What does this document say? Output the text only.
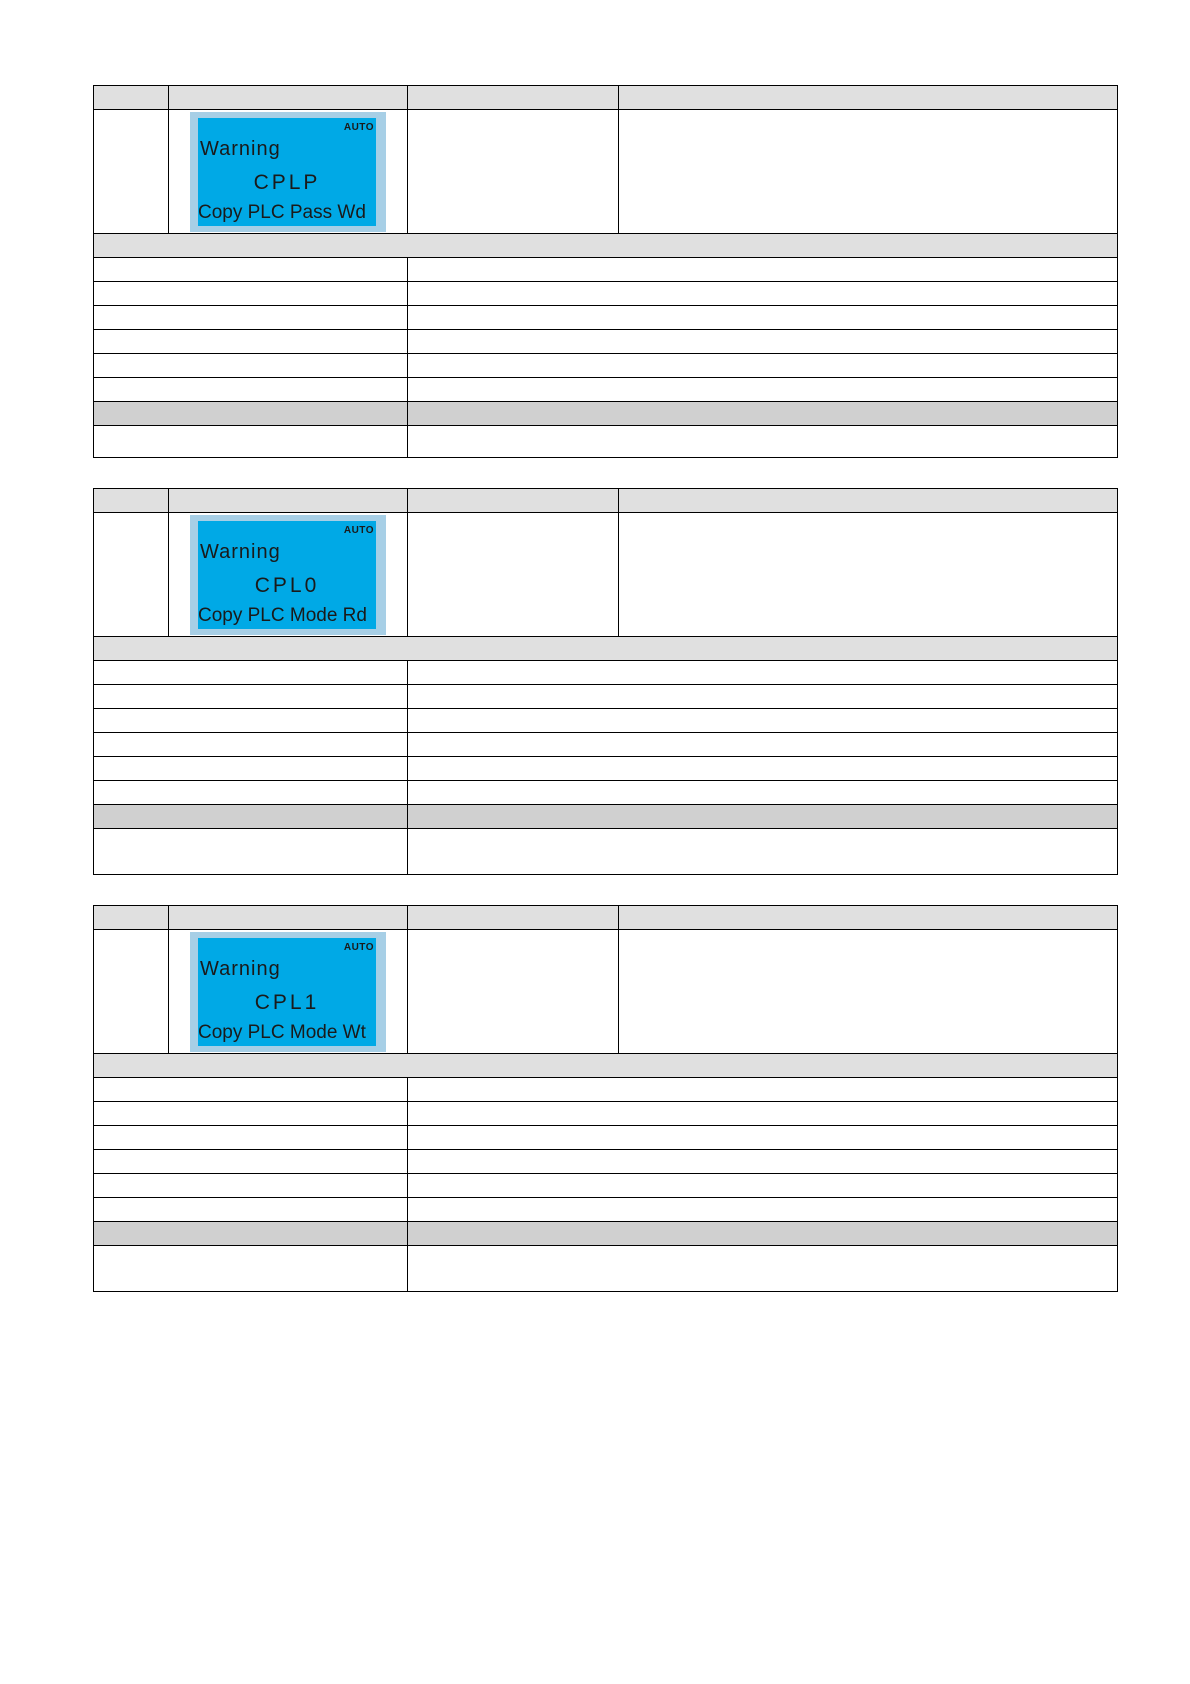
	AUTO
Warning
CPLP
Copy PLC Pass Wd		

	AUTO
Warning
CPL0
Copy PLC Mode Rd		

	AUTO
Warning
CPL1
Copy PLC Mode Wt		
